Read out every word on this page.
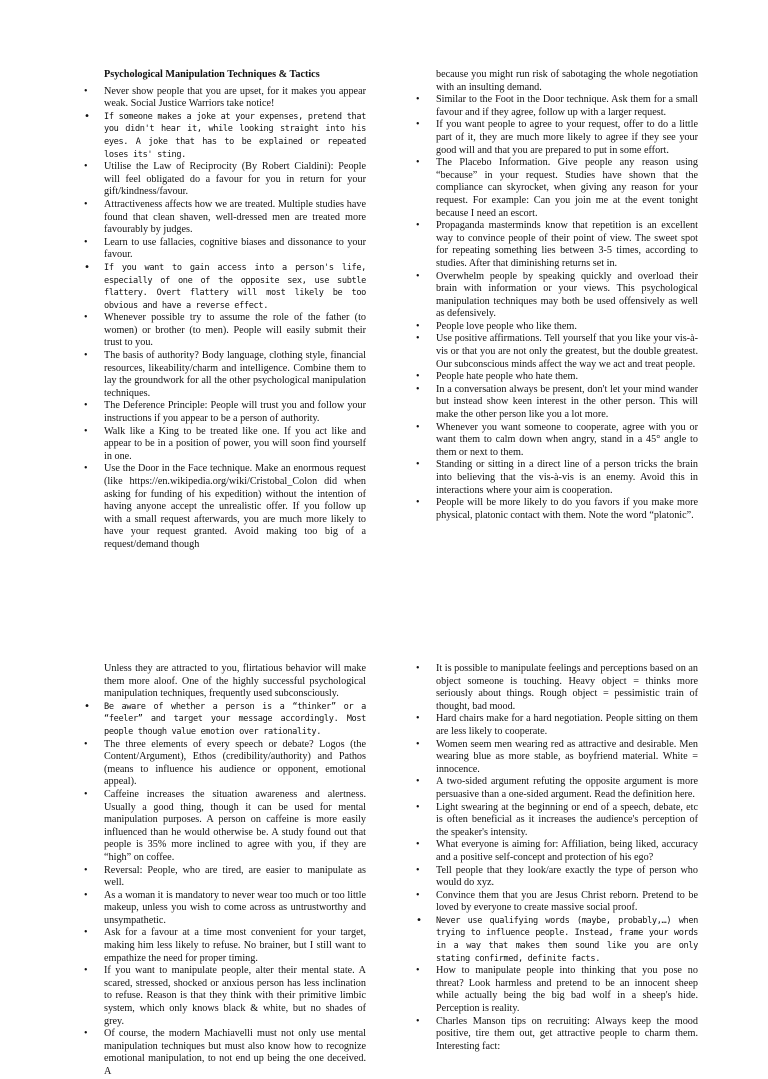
Psychological Manipulation Techniques & Tactics

• Never show people that you are upset, for it makes you appear weak. Social Justice Warriors take notice!
• If someone makes a joke at your expenses, pretend that you didn't hear it, while looking straight into his eyes. A joke that has to be explained or repeated loses its' sting.
• Utilise the Law of Reciprocity (By Robert Cialdini): People will feel obligated do a favour for you in return for your gift/kindness/favour.
• Attractiveness affects how we are treated. Multiple studies have found that clean shaven, well-dressed men are treated more favourably by judges.
• Learn to use fallacies, cognitive biases and dissonance to your favour.
• If you want to gain access into a person's life, especially of one of the opposite sex, use subtle flattery. Overt flattery will most likely be too obvious and have a reverse effect.
• Whenever possible try to assume the role of the father (to women) or brother (to men). People will easily submit their trust to you.
• The basis of authority? Body language, clothing style, financial resources, likeability/charm and intelligence. Combine them to lay the groundwork for all the other psychological manipulation techniques.
• The Deference Principle: People will trust you and follow your instructions if you appear to be a person of authority.
• Walk like a King to be treated like one. If you act like and appear to be in a position of power, you will soon find yourself in one.
• Use the Door in the Face technique. Make an enormous request (like https://en.wikipedia.org/wiki/Cristobal_Colon did when asking for funding of his expedition) without the intention of having anyone accept the unrealistic offer. If you follow up with a small request afterwards, you are much more likely to have your request granted. Avoid making too big of a request/demand though

because you might run risk of sabotaging the whole negotiation with an insulting demand.

• Similar to the Foot in the Door technique. Ask them for a small favour and if they agree, follow up with a larger request.
• If you want people to agree to your request, offer to do a little part of it, they are much more likely to agree if they see your good will and that you are prepared to put in some effort.
• The Placebo Information. Give people any reason using “because” in your request. Studies have shown that the compliance can skyrocket, when giving any reason for your request. For example: Can you join me at the event tonight because I need an escort.
• Propaganda masterminds know that repetition is an excellent way to convince people of their point of view. The sweet spot for repeating something lies between 3-5 times, according to studies. After that diminishing returns set in.
• Overwhelm people by speaking quickly and overload their brain with information or your views. This psychological manipulation techniques may both be used offensively as well as defensively.
• People love people who like them.
• Use positive affirmations. Tell yourself that you like your vis-à-vis or that you are not only the greatest, but the double greatest. Our subconscious minds affect the way we act and treat people.
• People hate people who hate them.
• In a conversation always be present, don't let your mind wander but instead show keen interest in the other person. This will make the other person like you a lot more.
• Whenever you want someone to cooperate, agree with you or want them to calm down when angry, stand in a 45° angle to them or next to them.
• Standing or sitting in a direct line of a person tricks the brain into believing that the vis-à-vis is an enemy. Avoid this in interactions where your aim is cooperation.
• People will be more likely to do you favors if you make more physical, platonic contact with them. Note the word “platonic”.

Unless they are attracted to you, flirtatious behavior will make them more aloof. One of the highly successful psychological manipulation techniques, frequently used subconsciously.

• Be aware of whether a person is a “thinker” or a “feeler” and target your message accordingly. Most people though value emotion over rationality.
• The three elements of every speech or debate? Logos (the Content/Argument), Ethos (credibility/authority) and Pathos (means to influence his audience or opponent, emotional appeal).
• Caffeine increases the situation awareness and alertness. Usually a good thing, though it can be used for mental manipulation purposes. A person on caffeine is more easily influenced than he would otherwise be. A study found out that people is 35% more inclined to agree with you, if they are “high” on coffee.
• Reversal: People, who are tired, are easier to manipulate as well.
• As a woman it is mandatory to never wear too much or too little makeup, unless you wish to come across as untrustworthy and unsympathetic.
• Ask for a favour at a time most convenient for your target, making him less likely to refuse. No brainer, but I still want to empathize the need for proper timing.
• If you want to manipulate people, alter their mental state. A scared, stressed, shocked or anxious person has less inclination to refuse. Reason is that they think with their primitive limbic system, which only knows black & white, but no shades of grey.
• Of course, the modern Machiavelli must not only use mental manipulation techniques but must also know how to recognize emotional manipulation, to not end up being the one deceived. A
• It is possible to manipulate feelings and perceptions based on an object someone is touching. Heavy object = thinks more seriously about things. Rough object = pessimistic train of thought, bad mood.
• Hard chairs make for a hard negotiation. People sitting on them are less likely to cooperate.
• Women seem men wearing red as attractive and desirable. Men wearing blue as more stable, as boyfriend material. White = innocence.
• A two-sided argument refuting the opposite argument is more persuasive than a one-sided argument. Read the definition here.
• Light swearing at the beginning or end of a speech, debate, etc is often beneficial as it increases the audience's perception of the speaker's intensity.
• What everyone is aiming for: Affiliation, being liked, accuracy and a positive self-concept and protection of his ego?
• Tell people that they look/are exactly the type of person who would do xyz.
• Convince them that you are Jesus Christ reborn. Pretend to be loved by everyone to create massive social proof.
• Never use qualifying words (maybe, probably,…) when trying to influence people. Instead, frame your words in a way that makes them sound like you are only stating confirmed, definite facts.
• How to manipulate people into thinking that you pose no threat? Look harmless and pretend to be an innocent sheep while actually being the big bad wolf in a sheep's hide. Perception is reality.
• Charles Manson tips on recruiting: Always keep the mood positive, tire them out, get attractive people to charm them. Interesting fact:
